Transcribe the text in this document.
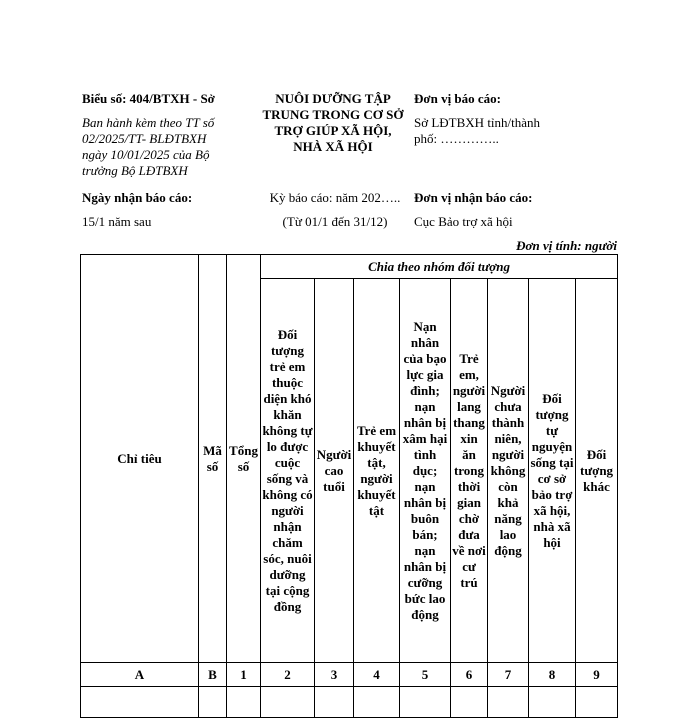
Biểu số: 404/BTXH - Sở
Ban hành kèm theo TT số
02/2025/TT- BLĐTBXH
ngày 10/01/2025 của Bộ
trưởng Bộ LĐTBXH
NUÔI DƯỠNG TẬP
TRUNG TRONG CƠ SỞ
TRỢ GIÚP XÃ HỘI,
NHÀ XÃ HỘI
Đơn vị báo cáo:
Sở LĐTBXH tỉnh/thành
phố: …………..
Ngày nhận báo cáo:
15/1 năm sau
Kỳ báo cáo: năm 202…..
(Từ 01/1 đến 31/12)
Đơn vị nhận báo cáo:
Cục Bảo trợ xã hội
Đơn vị tính: người
Chỉ tiêu	Mã số	Tổng số	Chia theo nhóm đối tượng							
			Đối tượng trẻ em thuộc diện khó khăn không tự lo được cuộc sống và không có người nhận chăm sóc, nuôi dưỡng tại cộng đồng	Người cao tuổi	Trẻ em khuyết tật, người khuyết tật	Nạn nhân của bạo lực gia đình; nạn nhân bị xâm hại tình dục; nạn nhân bị buôn bán; nạn nhân bị cưỡng bức lao động	Trẻ em, người lang thang xin ăn trong thời gian chờ đưa về nơi cư trú	Người chưa thành niên, người không còn khả năng lao động	Đối tượng tự nguyện sống tại cơ sở bảo trợ xã hội, nhà xã hội	Đối tượng khác
A	B	1	2	3	4	5	6	7	8	9
